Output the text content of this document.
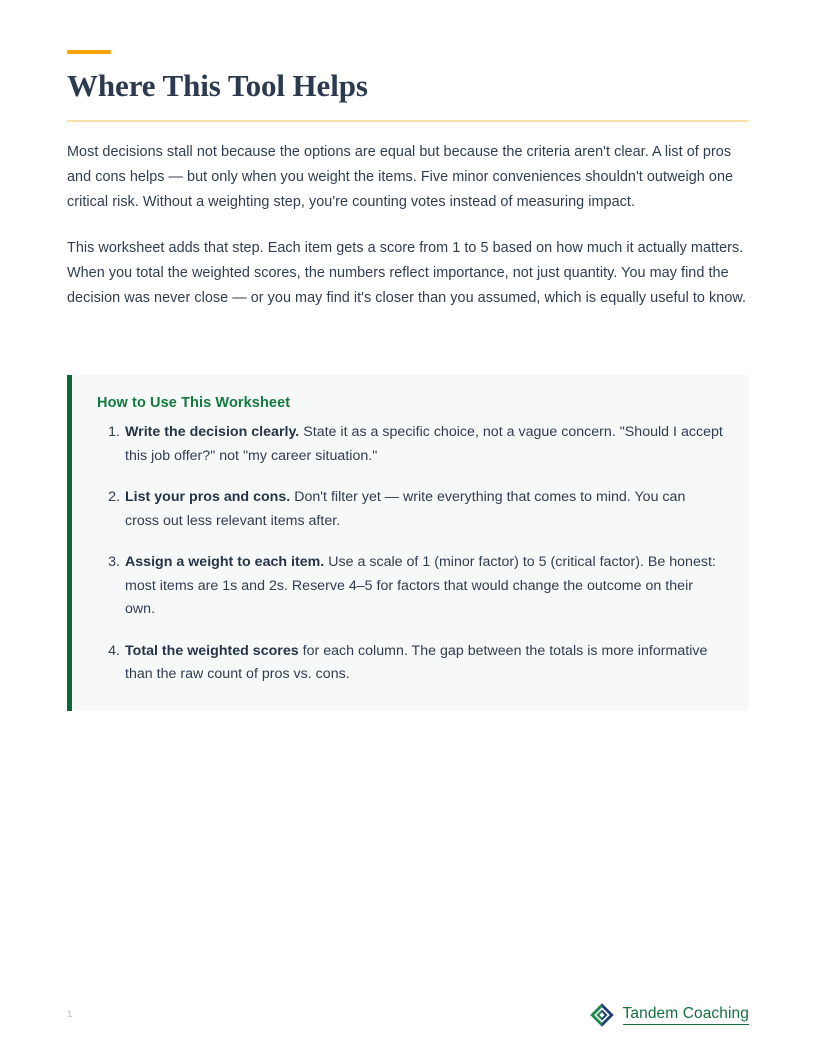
Where This Tool Helps

Most decisions stall not because the options are equal but because the criteria aren't clear. A list of pros and cons helps — but only when you weight the items. Five minor conveniences shouldn't outweigh one critical risk. Without a weighting step, you're counting votes instead of measuring impact.

This worksheet adds that step. Each item gets a score from 1 to 5 based on how much it actually matters. When you total the weighted scores, the numbers reflect importance, not just quantity. You may find the decision was never close — or you may find it's closer than you assumed, which is equally useful to know.

How to Use This Worksheet
Write the decision clearly. State it as a specific choice, not a vague concern. "Should I accept this job offer?" not "my career situation."
List your pros and cons. Don't filter yet — write everything that comes to mind. You can cross out less relevant items after.
Assign a weight to each item. Use a scale of 1 (minor factor) to 5 (critical factor). Be honest: most items are 1s and 2s. Reserve 4–5 for factors that would change the outcome on their own.
Total the weighted scores for each column. The gap between the totals is more informative than the raw count of pros vs. cons.
1	Tandem Coaching
